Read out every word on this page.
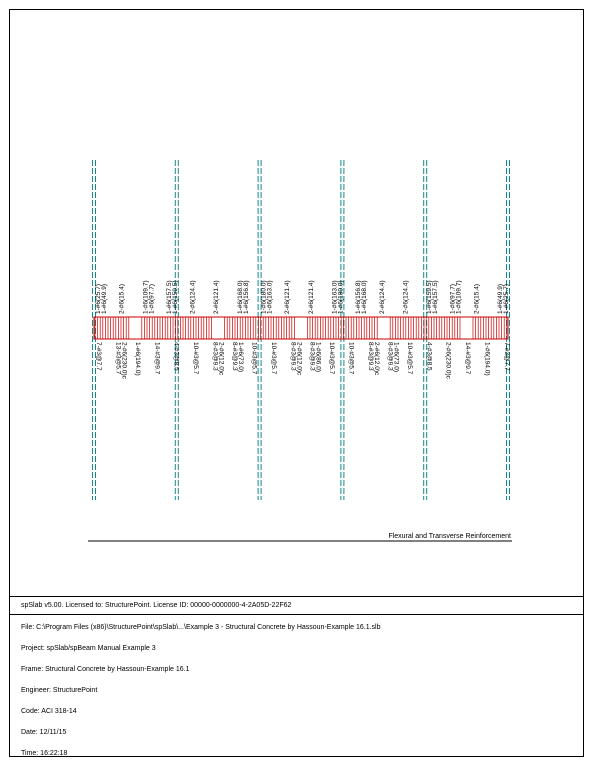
1-#6(25.7) 1-#6(49.9) 2-#6(15.4)	1-#6(109.7) 1-#6(97.7) 1-#6(157.5) 1-#6(159.5) 2-#6(124.4)	2-#6(121.4)	1-#6(168.0) 1-#6(156.8) 1-#6(180.0) 1-#6(163.0) 2-#6(121.4)	2-#6(121.4)	1-#6(163.0) 1-#6(180.0) 1-#6(156.8) 1-#6(168.0) 2-#6(124.4)	2-#6(124.4)	1-#6(159.5) 1-#6(157.5) 1-#6(97.7) 1-#6(109.7) 2-#6(15.4)	1-#6(49.9) 1-#6(25.7)
7-#3@7.7 13-#3@5.7 2-#6(230.0)c 1-#6(194.0) 14-#3@9.7 4-#3@8.5 10-#3@5.7 8-#3@9.3 2-#6(12.0)c 8-#3@9.3 1-#6(73.0) 10-#3@5.7 10-#3@5.7 8-#3@9.3 2-#6(12.0)c 8-#3@9.3 1-#6(86.0) 10-#3@5.7 10-#3@5.7 8-#3@9.3 2-#6(12.0)c 8-#3@9.3 1-#6(73.0) 10-#3@5.7 4-#3@8.5 2-#6(230.0)c 14-#3@9.7 1-#6(194.0) 7-#3@7.7
Flexural and Transverse Reinforcement
spSlab v5.00. Licensed to: StructurePoint. License ID: 00000-0000000-4-2A05D-22F62
File: C:\Program Files (x86)\StructurePoint\spSlab\...\Example 3 - Structural Concrete by Hassoun-Example 16.1.slb
Project: spSlab/spBeam Manual Example 3
Frame: Structural Concrete by Hassoun-Example 16.1
Engineer: StructurePoint
Code: ACI 318-14
Date: 12/11/15
Time: 16:22:18
